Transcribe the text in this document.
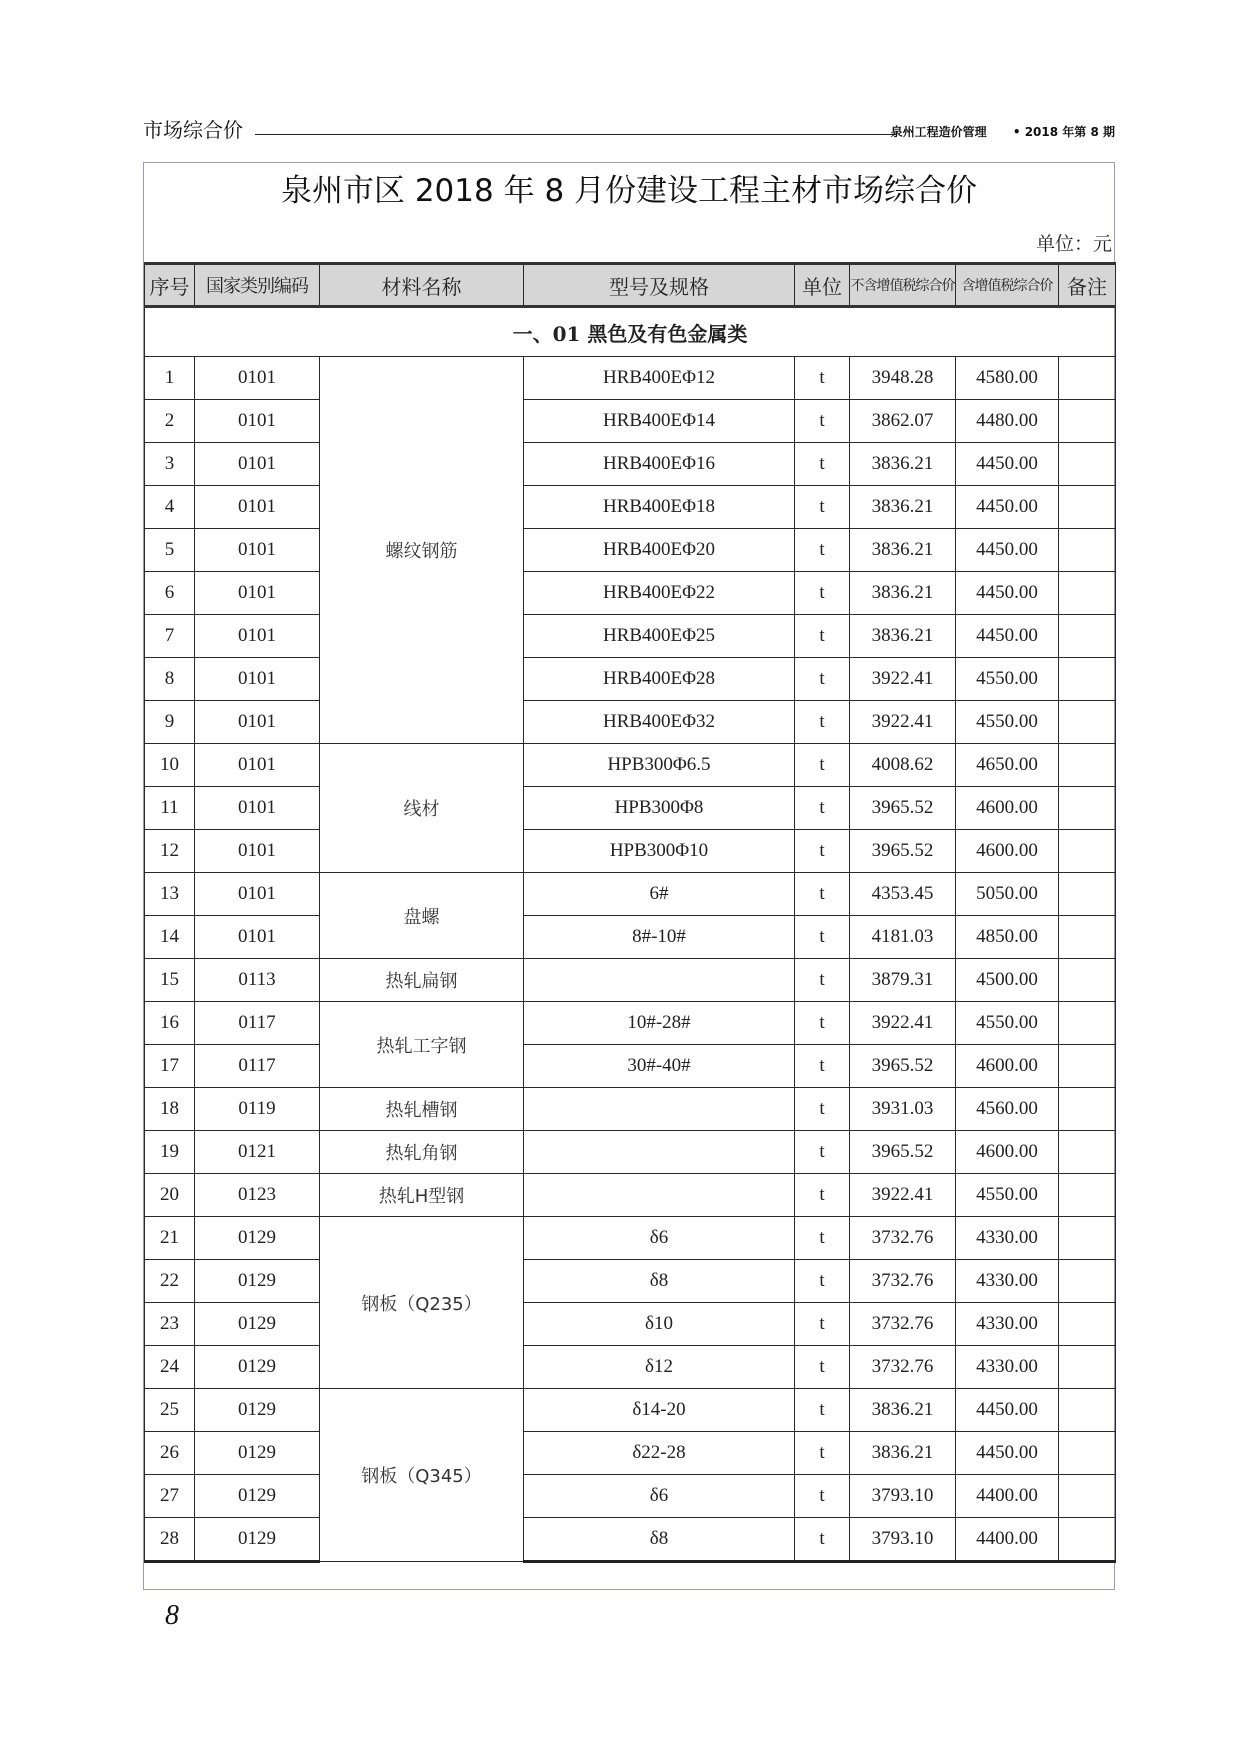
市场综合价	泉州工程造价管理 • 2018 年第 8 期
泉州市区 2018 年 8 月份建设工程主材市场综合价
单位：元
序号	国家类别编码	材料名称	型号及规格	单位	不含增值税综合价	含增值税综合价	备注
一、01 黑色及有色金属类							
1	0101	螺纹钢筋	HRB400EΦ12	t	3948.28	4580.00	
2	0101		HRB400EΦ14	t	3862.07	4480.00	
3	0101		HRB400EΦ16	t	3836.21	4450.00	
4	0101		HRB400EΦ18	t	3836.21	4450.00	
5	0101		HRB400EΦ20	t	3836.21	4450.00	
6	0101		HRB400EΦ22	t	3836.21	4450.00	
7	0101		HRB400EΦ25	t	3836.21	4450.00	
8	0101		HRB400EΦ28	t	3922.41	4550.00	
9	0101		HRB400EΦ32	t	3922.41	4550.00	
10	0101	线材	HPB300Φ6.5	t	4008.62	4650.00	
11	0101		HPB300Φ8	t	3965.52	4600.00	
12	0101		HPB300Φ10	t	3965.52	4600.00	
13	0101	盘螺	6#	t	4353.45	5050.00	
14	0101		8#-10#	t	4181.03	4850.00	
15	0113	热轧扁钢		t	3879.31	4500.00	
16	0117	热轧工字钢	10#-28#	t	3922.41	4550.00	
17	0117		30#-40#	t	3965.52	4600.00	
18	0119	热轧槽钢		t	3931.03	4560.00	
19	0121	热轧角钢		t	3965.52	4600.00	
20	0123	热轧H型钢		t	3922.41	4550.00	
21	0129	钢板（Q235）	δ6	t	3732.76	4330.00	
22	0129		δ8	t	3732.76	4330.00	
23	0129		δ10	t	3732.76	4330.00	
24	0129		δ12	t	3732.76	4330.00	
25	0129	钢板（Q345）	δ14-20	t	3836.21	4450.00	
26	0129		δ22-28	t	3836.21	4450.00	
27	0129		δ6	t	3793.10	4400.00	
28	0129		δ8	t	3793.10	4400.00	
8
